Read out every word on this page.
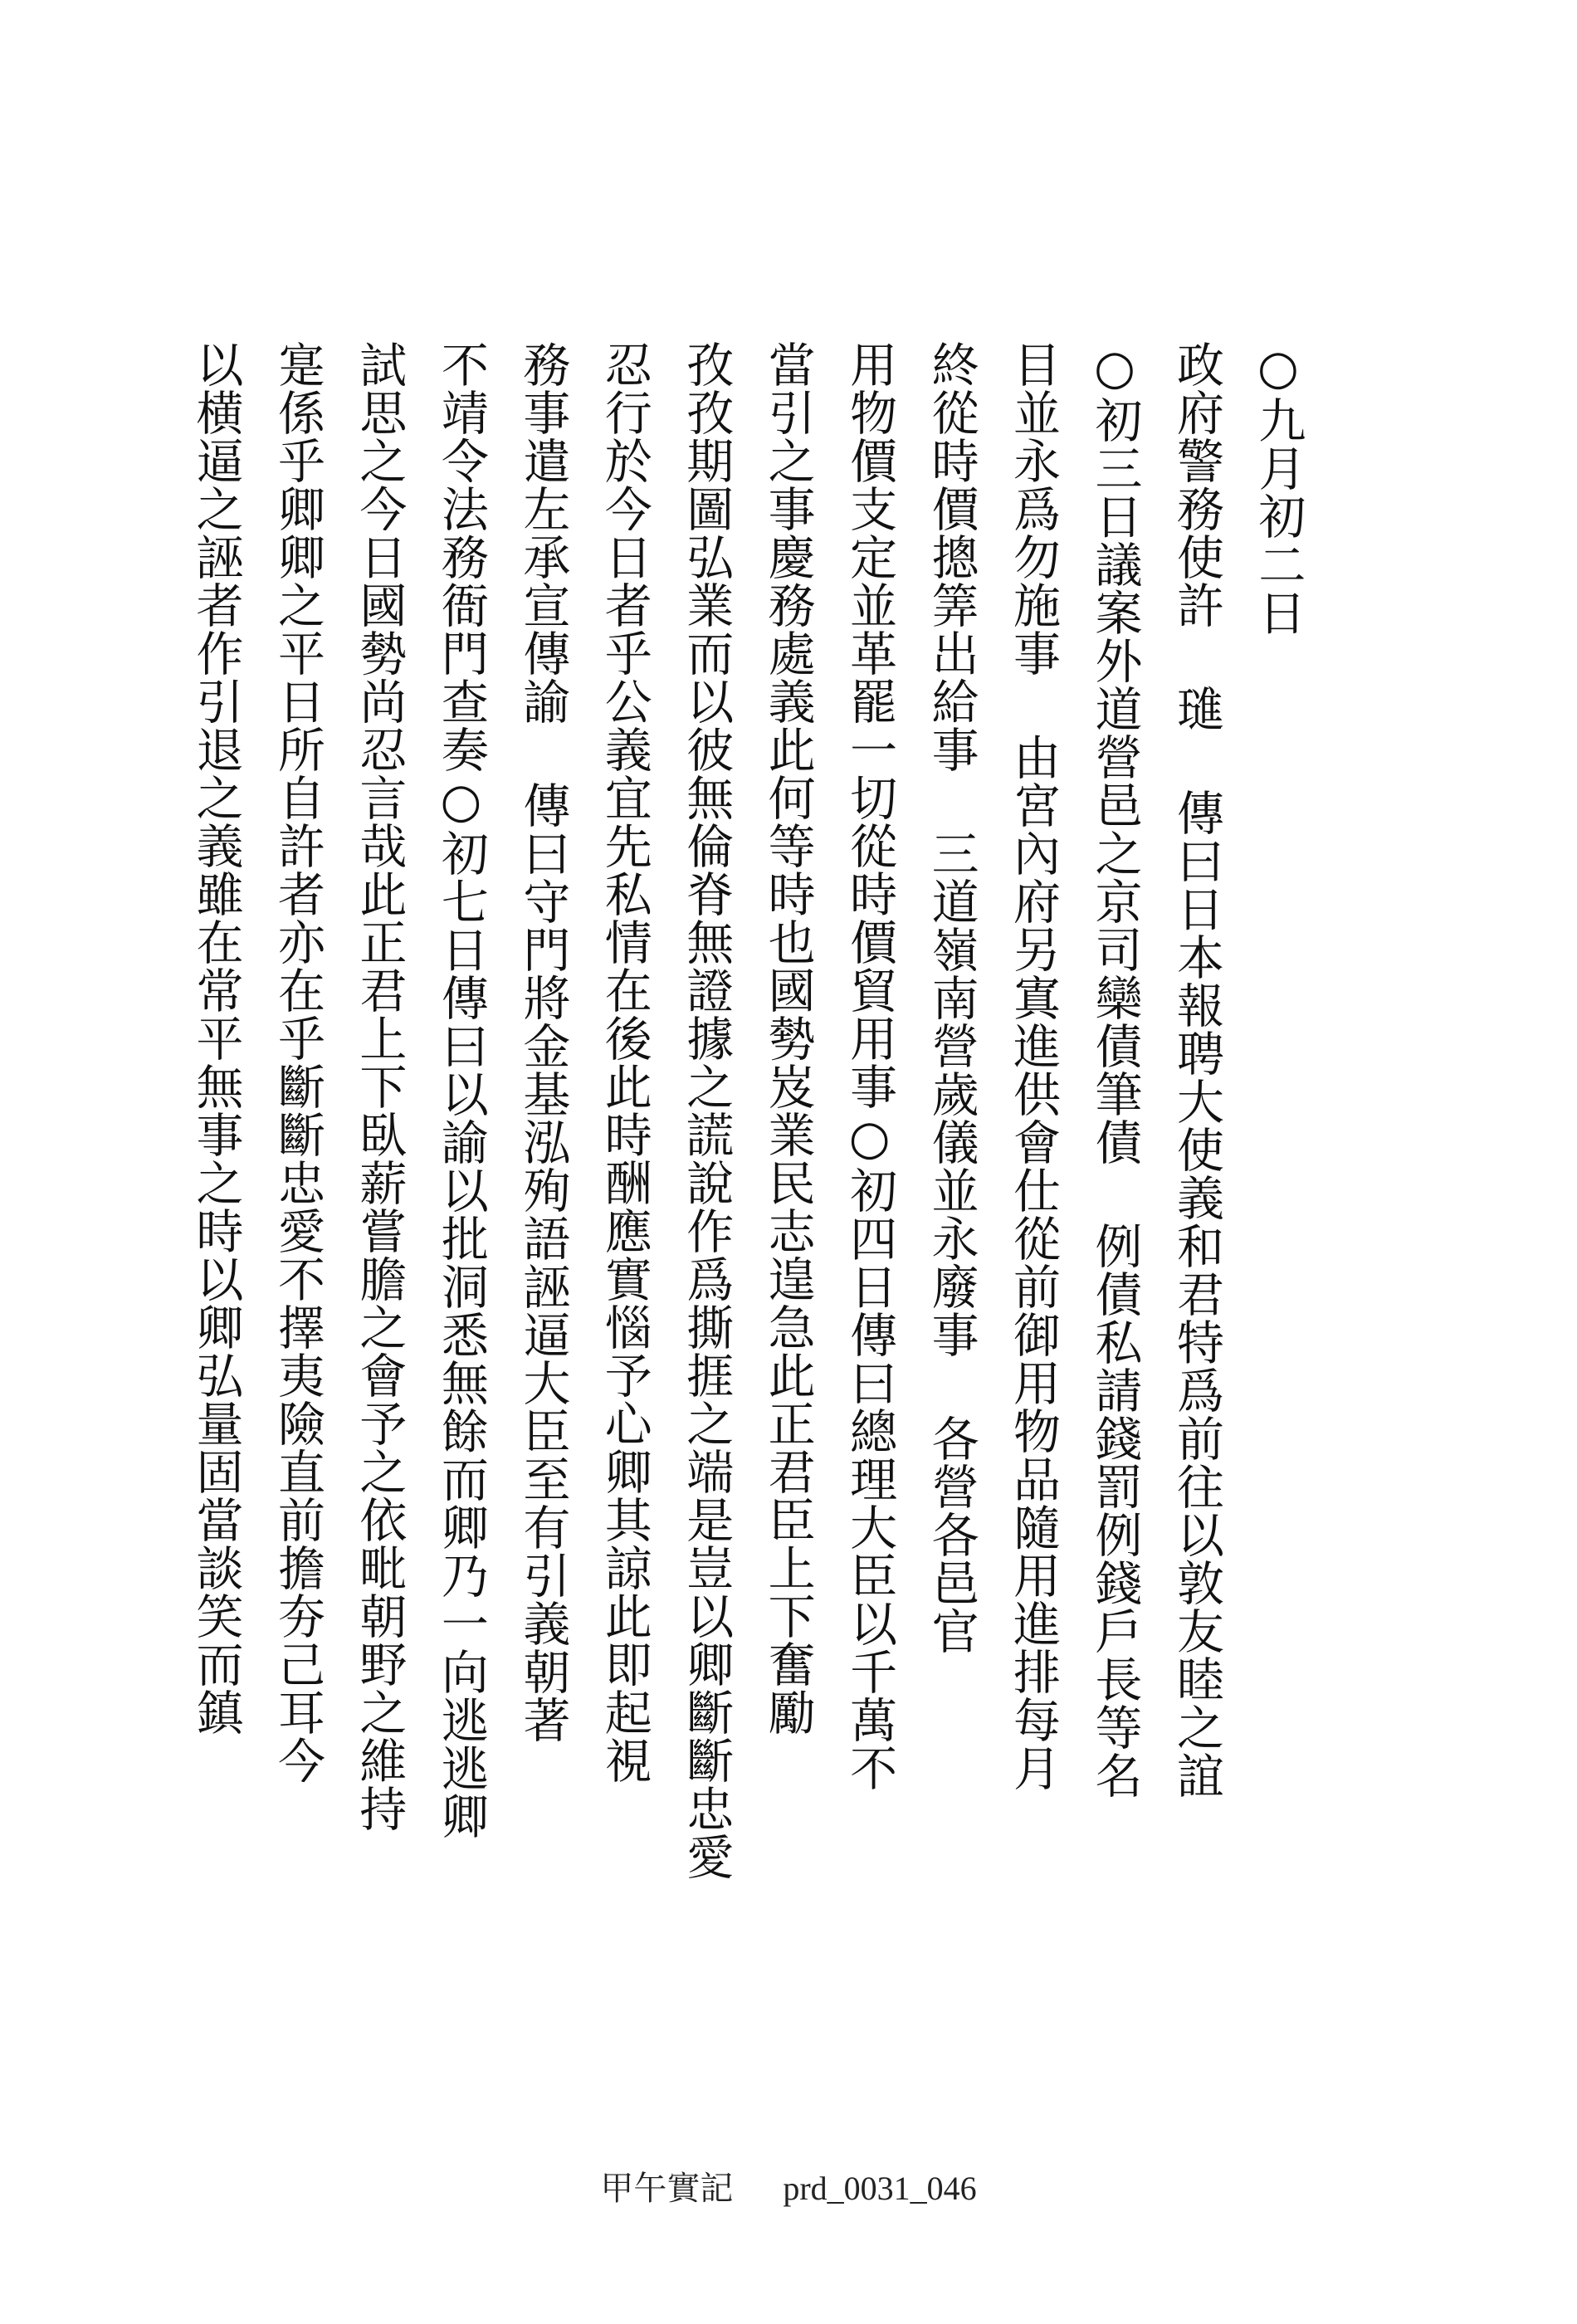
○九月初二日
政府警務使許 璡 傳曰日本報聘大使義和君特爲前往以敦友睦之誼
○初三日議案外道營邑之京司欒債筆債 例債私請錢罰例錢戶長等名
目並永爲勿施事 由宮內府另寘進供會仕從前御用物品隨用進排每月
終從時價摠筭出給事 三道嶺南營歲儀並永廢事 各營各邑官
用物價支定並革罷一切從時價貿用事○初四日傳曰總理大臣以千萬不
當引之事慶務處義此何等時也國勢岌業民志遑急此正君臣上下奮勵
孜孜期圖弘業而以彼無倫脊無證據之謊說作爲撕捱之端是豈以卿斷斷忠愛
忍行於今日者乎公義宜先私情在後此時酬應實惱予心卿其諒此即起視
務事遣左承宣傳諭 傳曰守門將金基泓殉語誣逼大臣至有引義朝著
不靖令法務衙門查奏○初七日傳曰以諭以批洞悉無餘而卿乃一向逃逃卿
試思之今日國勢尚忍言哉此正君上下臥薪嘗膽之會予之依毗朝野之維持
寔係乎卿卿之平日所自許者亦在乎斷斷忠愛不擇夷險直前擔夯己耳今
以横逼之誣者作引退之義雖在常平無事之時以卿弘量固當談笑而鎮
甲午實記 prd_0031_046
